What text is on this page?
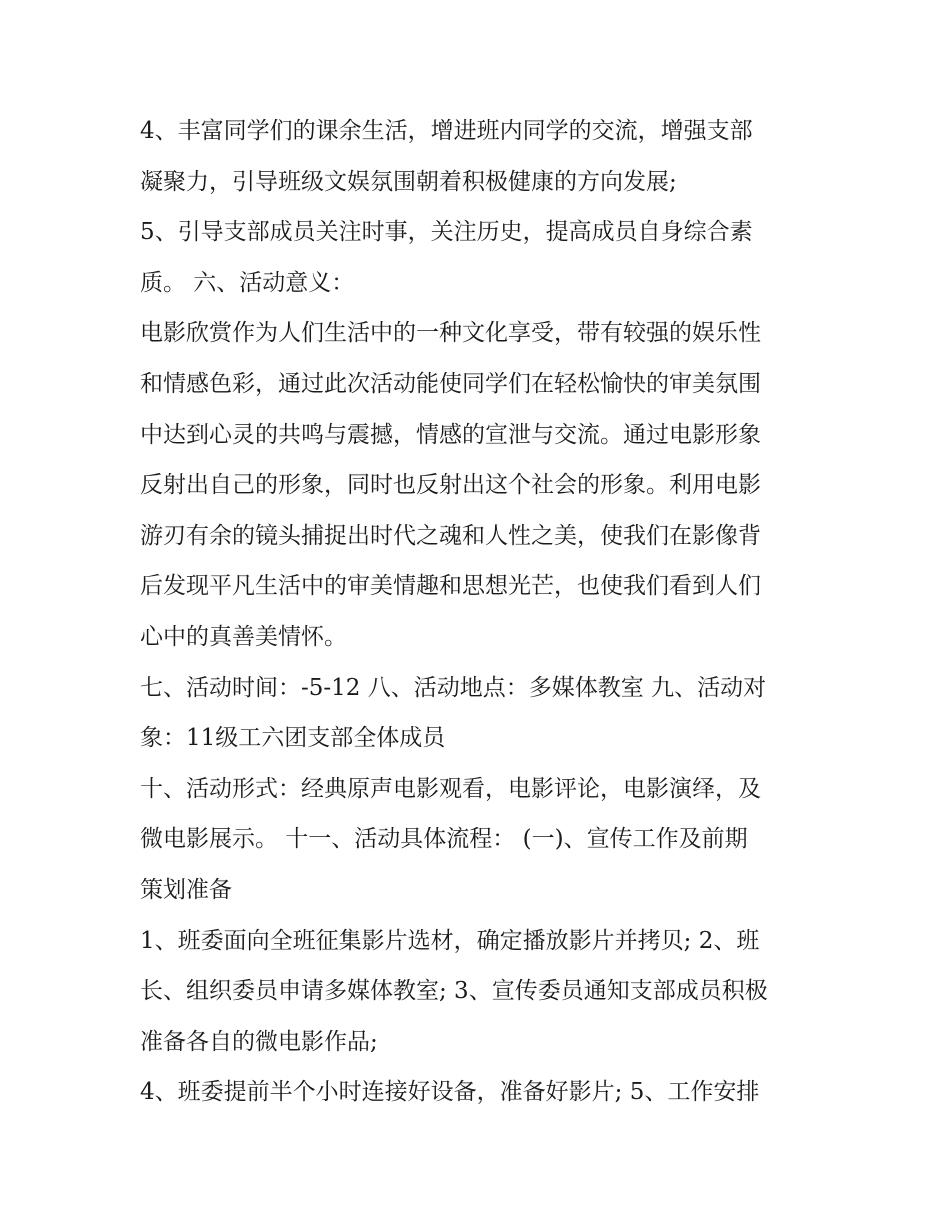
4、丰富同学们的课余生活，增进班内同学的交流，增强支部
凝聚力，引导班级文娱氛围朝着积极健康的方向发展;

5、引导支部成员关注时事，关注历史，提高成员自身综合素
质。 六、活动意义：

电影欣赏作为人们生活中的一种文化享受，带有较强的娱乐性
和情感色彩，通过此次活动能使同学们在轻松愉快的审美氛围
中达到心灵的共鸣与震撼，情感的宣泄与交流。通过电影形象
反射出自己的形象，同时也反射出这个社会的形象。利用电影
游刃有余的镜头捕捉出时代之魂和人性之美，使我们在影像背
后发现平凡生活中的审美情趣和思想光芒，也使我们看到人们
心中的真善美情怀。

七、活动时间：-5-12 八、活动地点：多媒体教室 九、活动对
象：11级工六团支部全体成员

十、活动形式：经典原声电影观看，电影评论，电影演绎，及
微电影展示。 十一、活动具体流程： (一)、宣传工作及前期
策划准备

1、班委面向全班征集影片选材，确定播放影片并拷贝; 2、班
长、组织委员申请多媒体教室; 3、宣传委员通知支部成员积极
准备各自的微电影作品;

4、班委提前半个小时连接好设备，准备好影片; 5、工作安排
